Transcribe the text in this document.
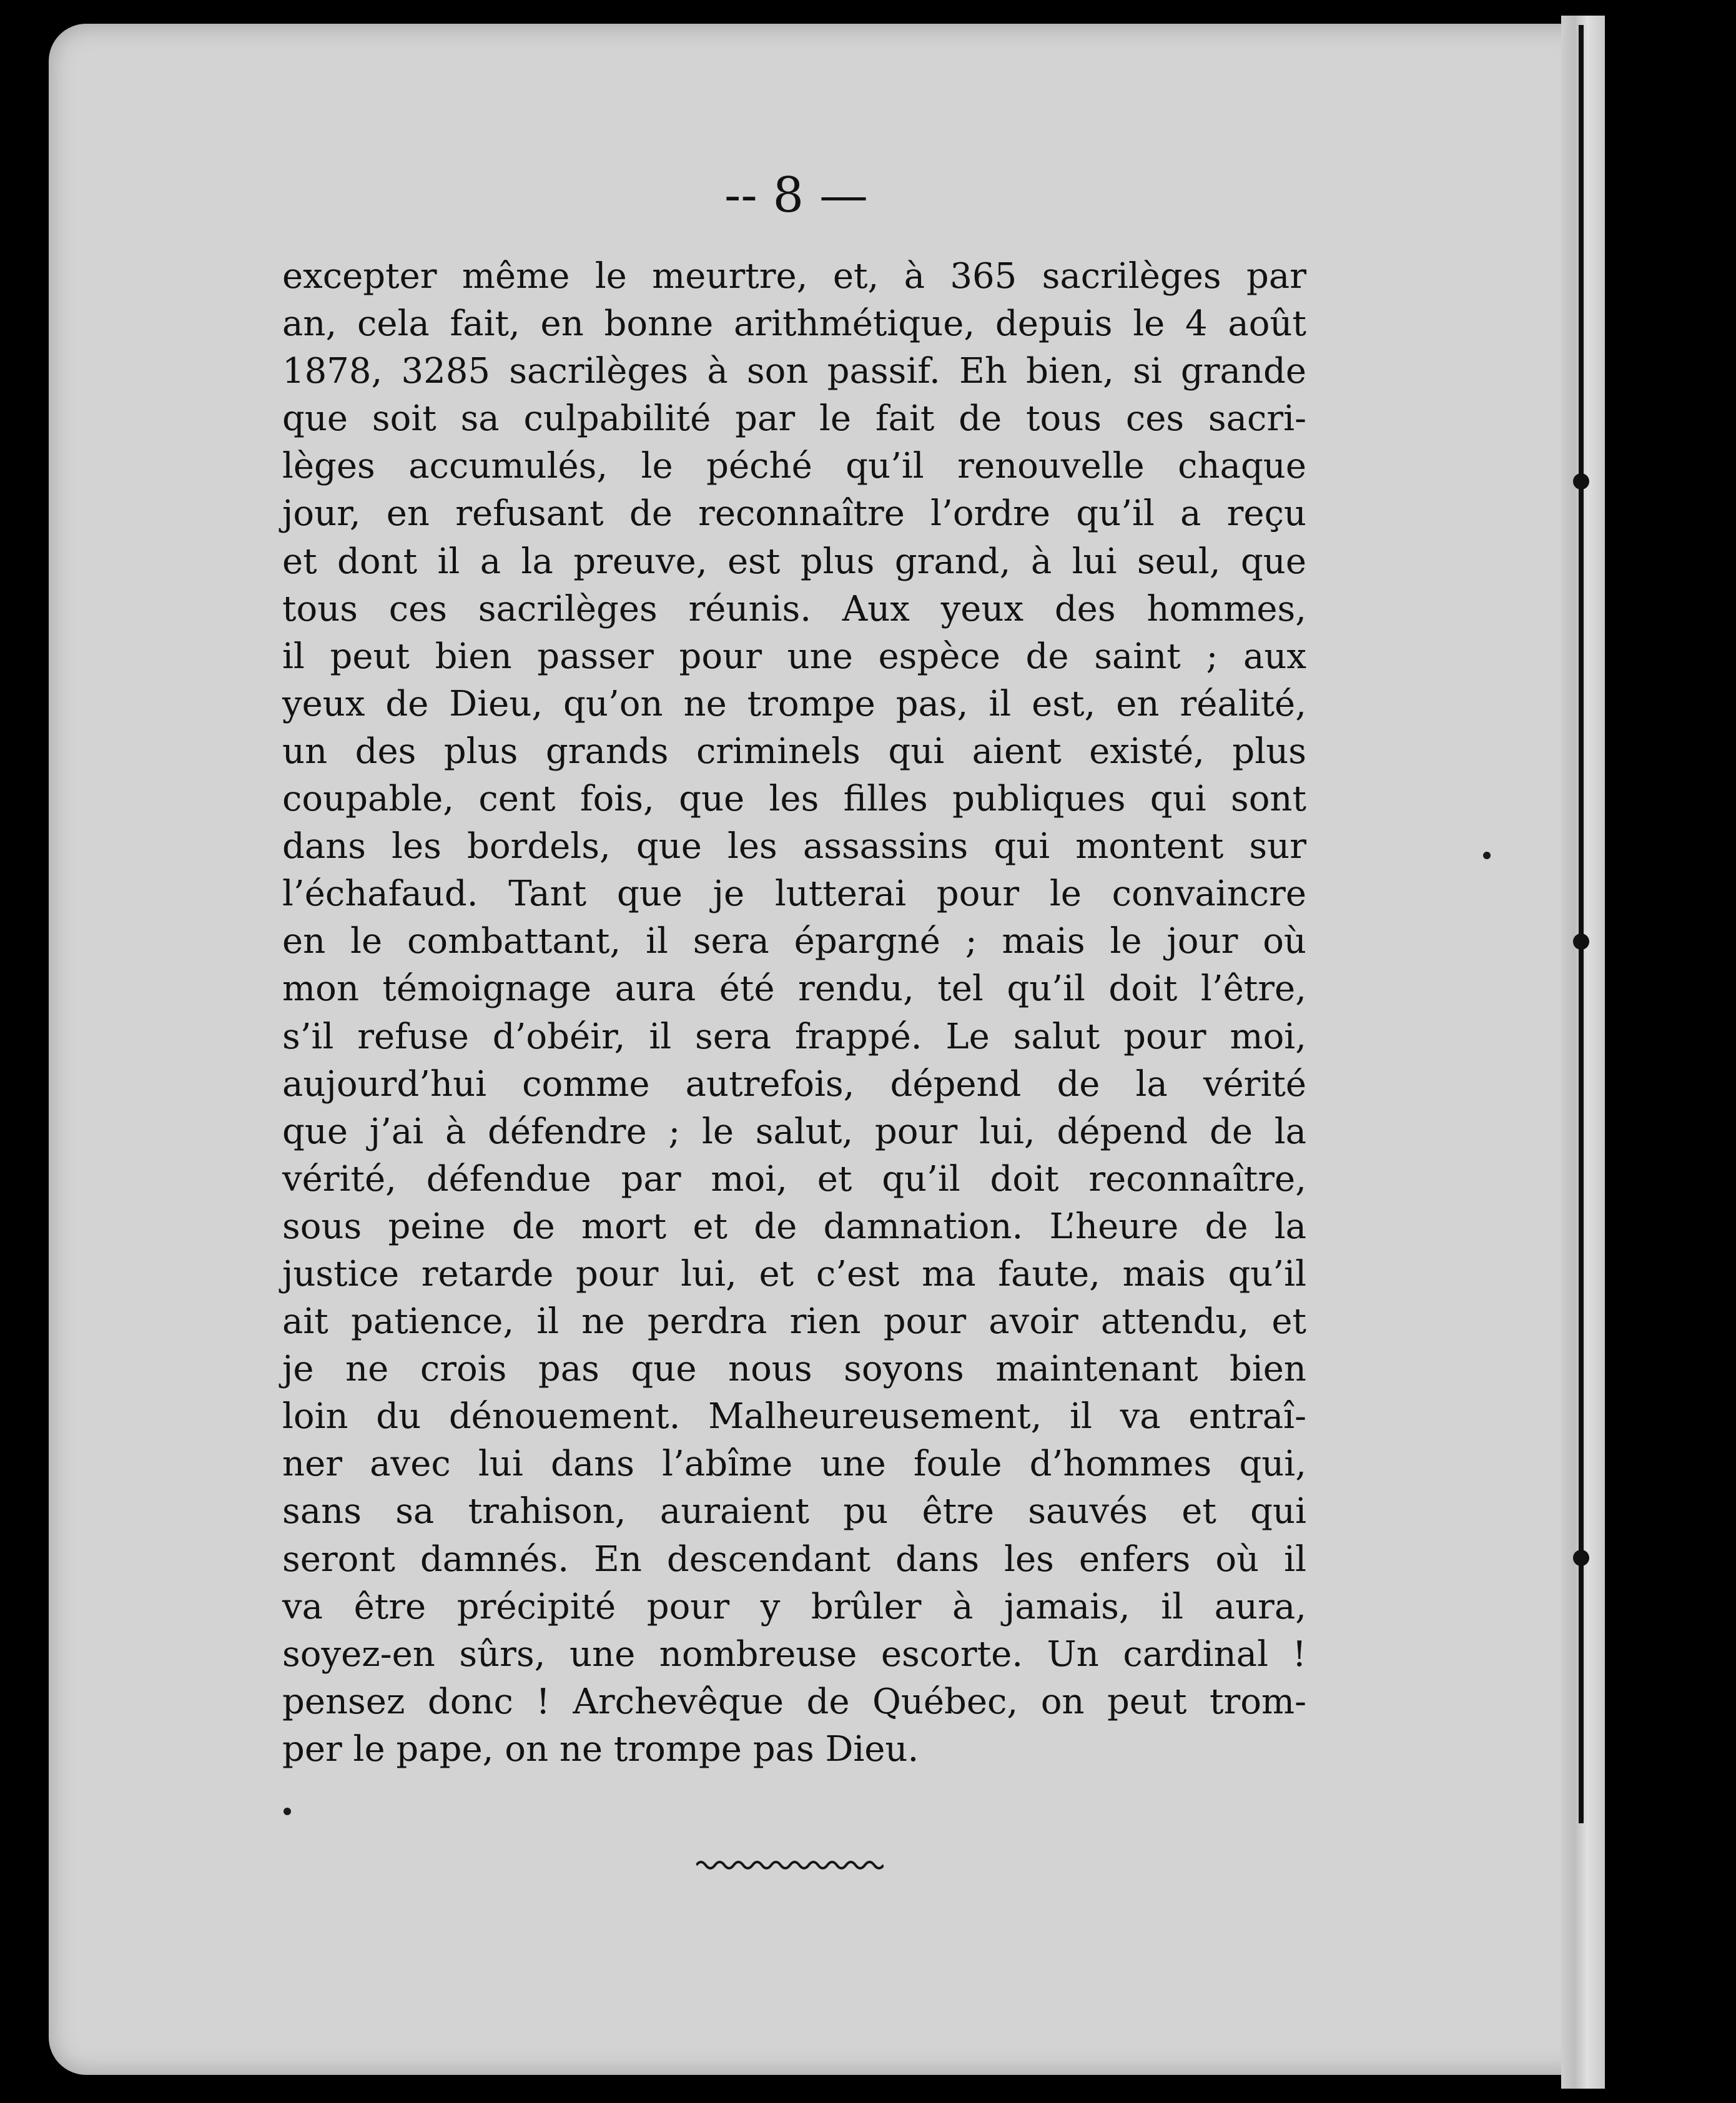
-- 8 —
excepter même le meurtre, et, à 365 sacrilèges par
an, cela fait, en bonne arithmétique, depuis le 4 août
1878, 3285 sacrilèges à son passif. Eh bien, si grande
que soit sa culpabilité par le fait de tous ces sacri-
lèges accumulés, le péché qu’il renouvelle chaque
jour, en refusant de reconnaître l’ordre qu’il a reçu
et dont il a la preuve, est plus grand, à lui seul, que
tous ces sacrilèges réunis. Aux yeux des hommes,
il peut bien passer pour une espèce de saint ; aux
yeux de Dieu, qu’on ne trompe pas, il est, en réalité,
un des plus grands criminels qui aient existé, plus
coupable, cent fois, que les filles publiques qui sont
dans les bordels, que les assassins qui montent sur
l’échafaud. Tant que je lutterai pour le convaincre
en le combattant, il sera épargné ; mais le jour où
mon témoignage aura été rendu, tel qu’il doit l’être,
s’il refuse d’obéir, il sera frappé. Le salut pour moi,
aujourd’hui comme autrefois, dépend de la vérité
que j’ai à défendre ; le salut, pour lui, dépend de la
vérité, défendue par moi, et qu’il doit reconnaître,
sous peine de mort et de damnation. L’heure de la
justice retarde pour lui, et c’est ma faute, mais qu’il
ait patience, il ne perdra rien pour avoir attendu, et
je ne crois pas que nous soyons maintenant bien
loin du dénouement. Malheureusement, il va entraî-
ner avec lui dans l’abîme une foule d’hommes qui,
sans sa trahison, auraient pu être sauvés et qui
seront damnés. En descendant dans les enfers où il
va être précipité pour y brûler à jamais, il aura,
soyez-en sûrs, une nombreuse escorte. Un cardinal !
pensez donc ! Archevêque de Québec, on peut trom-
per le pape, on ne trompe pas Dieu.
